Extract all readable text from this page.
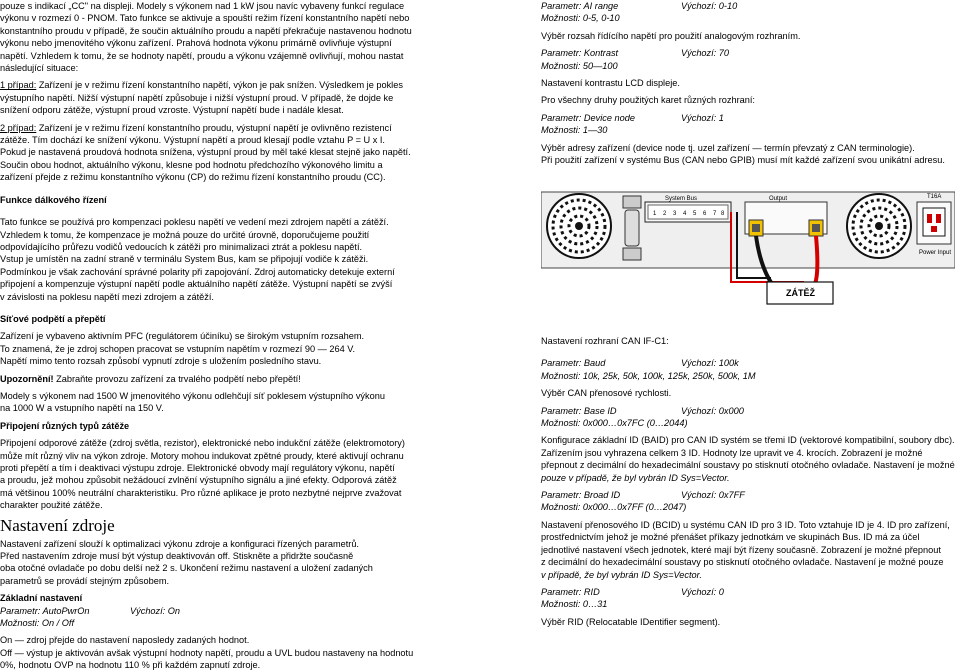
pouze s indikací „CC" na displeji. Modely s výkonem nad 1 kW jsou navíc vybaveny funkcí regulace

výkonu v rozmezí 0 - PNOM. Tato funkce se aktivuje a spouští režim řízení konstantního napětí nebo

konstantního proudu v případě, že součin aktuálního proudu a napětí překračuje nastavenou hodnotu

výkonu nebo jmenovitého výkonu zařízení. Prahová hodnota výkonu primárně ovlivňuje výstupní

napětí. Vzhledem k tomu, že se hodnoty napětí, proudu a výkonu vzájemně ovlivňují, mohou nastat

následující situace:

1 případ: Zařízení je v režimu řízení konstantního napětí, výkon je pak snížen. Výsledkem je pokles

výstupního napětí. Nižší výstupní napětí způsobuje i nižší výstupní proud. V případě, že dojde ke

snížení odporu zátěže, výstupní proud vzroste. Výstupní napětí bude i nadále klesat.

2 případ: Zařízení je v režimu řízení konstantního proudu, výstupní napětí je ovlivněno rezistencí

zátěže. Tím dochází ke snížení výkonu. Výstupní napětí a proud klesají podle vztahu P = U x I.

Pokud je nastavená proudová hodnota snížena, výstupní proud by měl také klesat stejně jako napětí.

Součin obou hodnot, aktuálního výkonu, klesne pod hodnotu předchozího výkonového limitu a

zařízení přejde z režimu konstantního výkonu (CP) do režimu řízení konstantního proudu (CC).

Funkce dálkového řízení

Tato funkce se používá pro kompenzaci poklesu napětí ve vedení mezi zdrojem napětí a zátěží.

Vzhledem k tomu, že kompenzace je možná pouze do určité úrovně, doporučujeme použití

odpovídajícího průřezu vodičů vedoucích k zátěži pro minimalizaci ztrát a poklesu napětí.

Vstup je umístěn na zadní straně v terminálu System Bus, kam se připojují vodiče k zátěži.

Podmínkou je však zachování správné polarity při zapojování. Zdroj automaticky detekuje externí

připojení a kompenzuje výstupní napětí podle aktuálního napětí zátěže. Výstupní napětí se zvýší

v závislosti na poklesu napětí mezi zdrojem a zátěží.

Síťové podpětí a přepětí

Zařízení je vybaveno aktivním PFC (regulátorem účiníku) se širokým vstupním rozsahem.

To znamená, že je zdroj schopen pracovat se vstupním napětím v rozmezí 90 — 264 V.

Napětí mimo tento rozsah způsobí vypnutí zdroje s uložením posledního stavu.

Upozornění! Zabraňte provozu zařízení za trvalého podpětí nebo přepětí!

Modely s výkonem nad 1500 W jmenovitého výkonu odlehčují síť poklesem výstupního výkonu

na 1000 W a vstupního napětí na 150 V.

Připojení různých typů zátěže

Připojení odporové zátěže (zdroj světla, rezistor), elektronické nebo indukční zátěže (elektromotory)

může mít různý vliv na výkon zdroje. Motory mohou indukovat zpětné proudy, které aktivují ochranu

proti přepětí a tím i deaktivaci výstupu zdroje. Elektronické obvody mají regulátory výkonu, napětí

a proudu, jež mohou způsobit nežádoucí zvlnění výstupního signálu a jiné efekty. Odporová zátěž

má většinou 100% neutrální charakteristiku. Pro různé aplikace je proto nezbytné nejprve zvažovat

charakter použité zátěže.

Nastavení zdroje

Nastavení zařízení slouží k optimalizaci výkonu zdroje a konfiguraci řízených parametrů.

Před nastavením zdroje musí být výstup deaktivován off. Stiskněte a přidržte současně

oba otočné ovladače po dobu delší než 2 s. Ukončení režimu nastavení a uložení zadaných

parametrů se provádí stejným způsobem.

Základní nastavení

Parametr: AutoPwrOn	Výchozí: On

Možnosti: On / Off

On — zdroj přejde do nastavení naposledy zadaných hodnot.

Off — výstup je aktivován avšak výstupní hodnoty napětí, proudu a UVL budou nastaveny na hodnotu

0%, hodnotu OVP na hodnotu 110 % při každém zapnutí zdroje.

Parametr: AI range	Výchozí: 0-10

Možnosti: 0-5, 0-10

Výběr rozsah řídícího napětí pro použití analogovým rozhraním.

Parametr: Kontrast	Výchozí: 70

Možnosti: 50—100

Nastavení kontrastu LCD displeje.

Pro všechny druhy použitých karet různých rozhraní:

Parametr: Device node	Výchozí: 1

Možnosti: 1—30

Výběr adresy zařízení (device node tj. uzel zařízení — termín převzatý z CAN terminologie).

Při použití zařízení v systému Bus (CAN nebo GPIB) musí mít každé zařízení svou unikátní adresu.

System Bus
1 2 3 4 5 6 7 8
Output	T16A
Power Input
ZÁTĚŽ

Nastavení rozhraní CAN IF-C1:

Parametr: Baud	Výchozí: 100k

Možnosti: 10k, 25k, 50k, 100k, 125k, 250k, 500k, 1M

Výběr CAN přenosové rychlosti.

Parametr: Base ID	Výchozí: 0x000

Možnosti: 0x000…0x7FC (0…2044)

Konfigurace základní ID (BAID) pro CAN ID systém se třemi ID (vektorové kompatibilní, soubory dbc).

Zařízením jsou vyhrazena celkem 3 ID. Hodnoty lze upravit ve 4. krocích. Zobrazení je možné

přepnout z decimální do hexadecimální soustavy po stisknutí otočného ovladače. Nastavení je možné

pouze v případě, že byl vybrán ID Sys=Vector.

Parametr: Broad ID	Výchozí: 0x7FF

Možnosti: 0x000…0x7FF (0…2047)

Nastavení přenosového ID (BCID) u systému CAN ID pro 3 ID. Toto vztahuje ID je 4. ID pro zařízení,

prostřednictvím jehož je možné přenášet příkazy jednotkám ve skupinách Bus. ID má za účel

jednotlivé nastavení všech jednotek, které mají být řízeny současně. Zobrazení je možné přepnout

z decimální do hexadecimální soustavy po stisknutí otočného ovladače. Nastavení je možné pouze

v případě, že byl vybrán ID Sys=Vector.

Parametr: RID	Výchozí: 0

Možnosti: 0…31

Výběr RID (Relocatable IDentifier segment).
